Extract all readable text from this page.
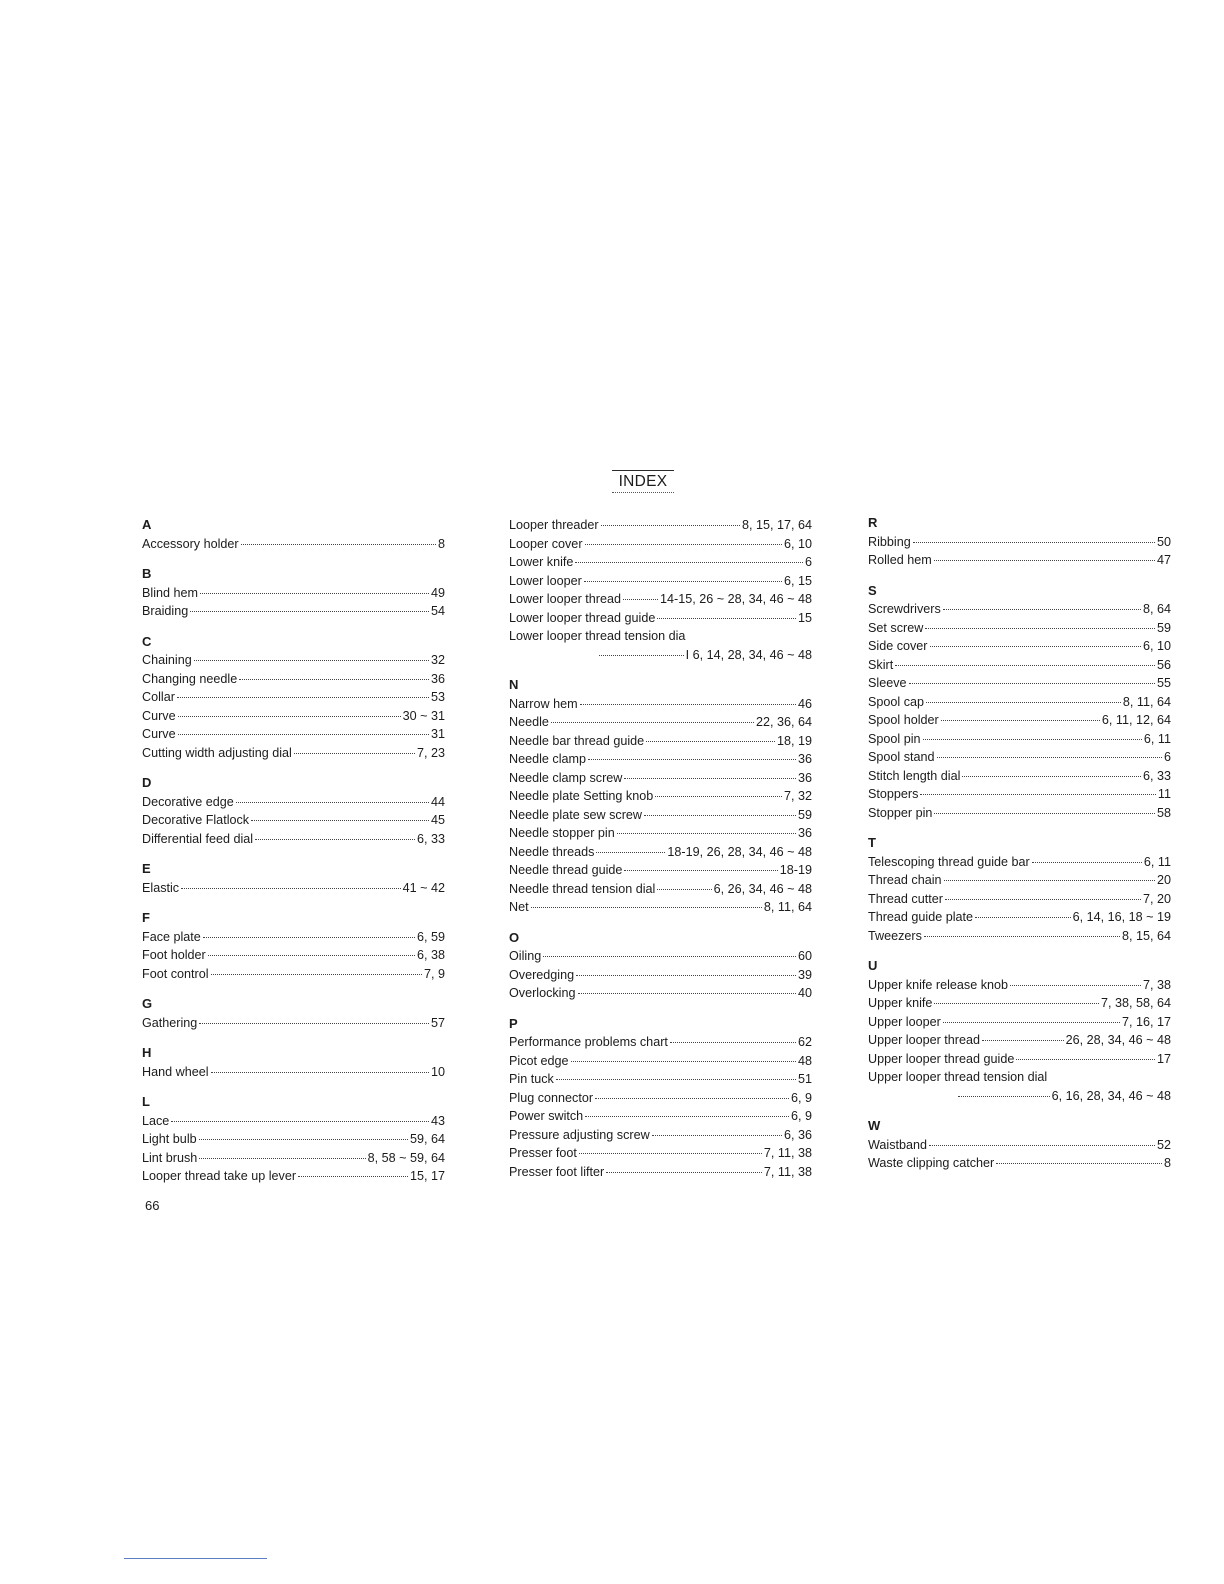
INDEX
A
Accessory holder	8
B
Blind hem	49
Braiding	54
C
Chaining	32
Changing needle	36
Collar	53
Curve	30 ~ 31
Curve	31
Cutting width adjusting dial	7, 23
D
Decorative edge	44
Decorative Flatlock	45
Differential feed dial	6, 33
E
Elastic	41 ~ 42
F
Face plate	6, 59
Foot holder	6, 38
Foot control	7, 9
G
Gathering	57
H
Hand wheel	10
L
Lace	43
Light bulb	59, 64
Lint brush	8, 58 ~ 59, 64
Looper thread take up lever	15, 17
Looper threader	8, 15, 17, 64
Looper cover	6, 10
Lower knife	6
Lower looper	6, 15
Lower looper thread	14-15, 26 ~ 28, 34, 46 ~ 48
Lower looper thread guide	15
Lower looper thread tension dia
I 6, 14, 28, 34, 46 ~ 48
N
Narrow hem	46
Needle	22, 36, 64
Needle bar thread guide	18, 19
Needle clamp	36
Needle clamp screw	36
Needle plate Setting knob	7, 32
Needle plate sew screw	59
Needle stopper pin	36
Needle threads	18-19, 26, 28, 34, 46 ~ 48
Needle thread guide	18-19
Needle thread tension dial	6, 26, 34, 46 ~ 48
Net	8, 11, 64
O
Oiling	60
Overedging	39
Overlocking	40
P
Performance problems chart	62
Picot edge	48
Pin tuck	51
Plug connector	6, 9
Power switch	6, 9
Pressure adjusting screw	6, 36
Presser foot	7, 11, 38
Presser foot lifter	7, 11, 38
R
Ribbing	50
Rolled hem	47
S
Screwdrivers	8, 64
Set screw	59
Side cover	6, 10
Skirt	56
Sleeve	55
Spool cap	8, 11, 64
Spool holder	6, 11, 12, 64
Spool pin	6, 11
Spool stand	6
Stitch length dial	6, 33
Stoppers	11
Stopper pin	58
T
Telescoping thread guide bar	6, 11
Thread chain	20
Thread cutter	7, 20
Thread guide plate	6, 14, 16, 18 ~ 19
Tweezers	8, 15, 64
U
Upper knife release knob	7, 38
Upper knife	7, 38, 58, 64
Upper looper	7, 16, 17
Upper looper thread	26, 28, 34, 46 ~ 48
Upper looper thread guide	17
Upper looper thread tension dial
6, 16, 28, 34, 46 ~ 48
W
Waistband	52
Waste clipping catcher	8
66
